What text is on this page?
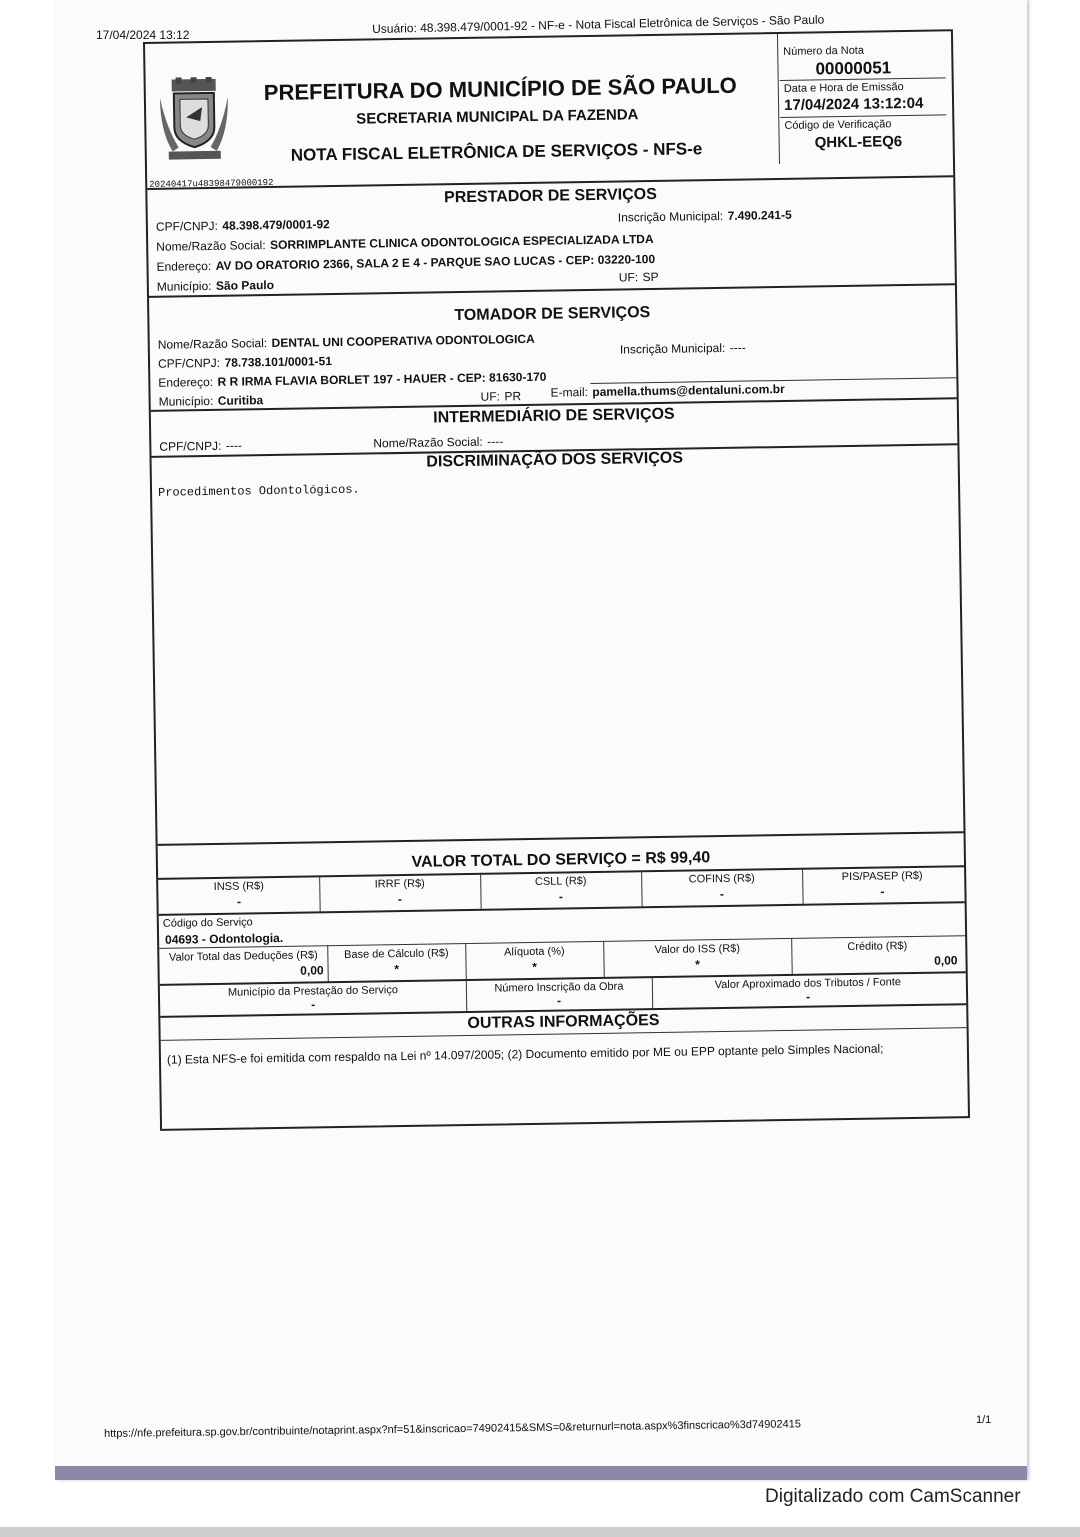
17/04/2024 13:12	Usuário: 48.398.479/0001-92 - NF-e - Nota Fiscal Eletrônica de Serviços - São Paulo
PREFEITURA DO MUNICÍPIO DE SÃO PAULO
SECRETARIA MUNICIPAL DA FAZENDA
NOTA FISCAL ELETRÔNICA DE SERVIÇOS - NFS-e
20240417u48398479000192
Número da Nota
00000051
Data e Hora de Emissão
17/04/2024 13:12:04
Código de Verificação
QHKL-EEQ6
PRESTADOR DE SERVIÇOS
CPF/CNPJ: 48.398.479/0001-92
Inscrição Municipal: 7.490.241-5
Nome/Razão Social: SORRIMPLANTE CLINICA ODONTOLOGICA ESPECIALIZADA LTDA
Endereço: AV DO ORATORIO 2366, SALA 2 E 4 - PARQUE SAO LUCAS - CEP: 03220-100
Município: São Paulo
UF: SP
TOMADOR DE SERVIÇOS
Nome/Razão Social: DENTAL UNI COOPERATIVA ODONTOLOGICA
CPF/CNPJ: 78.738.101/0001-51
Inscrição Municipal: ----
Endereço: R R IRMA FLAVIA BORLET 197 - HAUER - CEP: 81630-170
Município: Curitiba	UF: PR E-mail: pamella.thums@dentaluni.com.br
INTERMEDIÁRIO DE SERVIÇOS
CPF/CNPJ: ----	Nome/Razão Social: ----
DISCRIMINAÇÃO DOS SERVIÇOS
Procedimentos Odontológicos.
VALOR TOTAL DO SERVIÇO = R$ 99,40
INSS (R$)
-
IRRF (R$)
-
CSLL (R$)
-
COFINS (R$)
-
PIS/PASEP (R$)
-
Código do Serviço
04693 - Odontologia.
Valor Total das Deduções (R$)
0,00
Base de Cálculo (R$)
*
Alíquota (%)
*
Valor do ISS (R$)
*
Crédito (R$)
0,00
Município da Prestação do Serviço
-
Número Inscrição da Obra
-
Valor Aproximado dos Tributos / Fonte
-
OUTRAS INFORMAÇÕES
(1) Esta NFS-e foi emitida com respaldo na Lei nº 14.097/2005; (2) Documento emitido por ME ou EPP optante pelo Simples Nacional;
https://nfe.prefeitura.sp.gov.br/contribuinte/notaprint.aspx?nf=51&inscricao=74902415&SMS=0&returnurl=nota.aspx%3finscricao%3d74902415	1/1
Digitalizado com CamScanner
